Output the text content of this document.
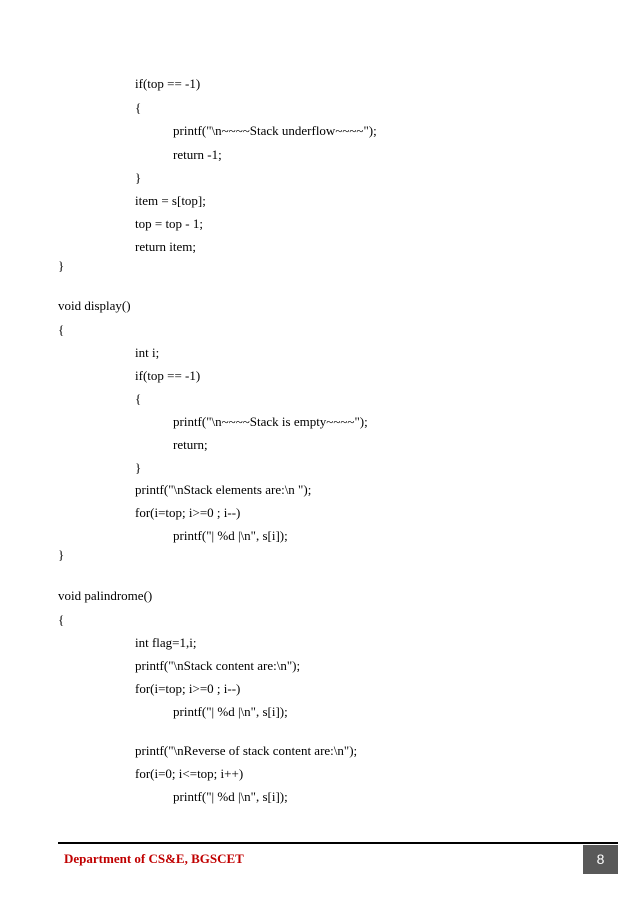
if(top == -1)
{
printf("\n~~~~Stack underflow~~~~");
return -1;
}
item = s[top];
top = top - 1;
return item;
}
void display()
{
int i;
if(top == -1)
{
printf("\n~~~~Stack is empty~~~~");
return;
}
printf("\nStack elements are:\n ");
for(i=top; i>=0 ; i--)
printf("| %d |\n", s[i]);
}
void palindrome()
{
int flag=1,i;
printf("\nStack content are:\n");
for(i=top; i>=0 ; i--)
printf("| %d |\n", s[i]);
printf("\nReverse of stack content are:\n");
for(i=0; i<=top; i++)
printf("| %d |\n", s[i]);
Department of CS&E, BGSCET	8
